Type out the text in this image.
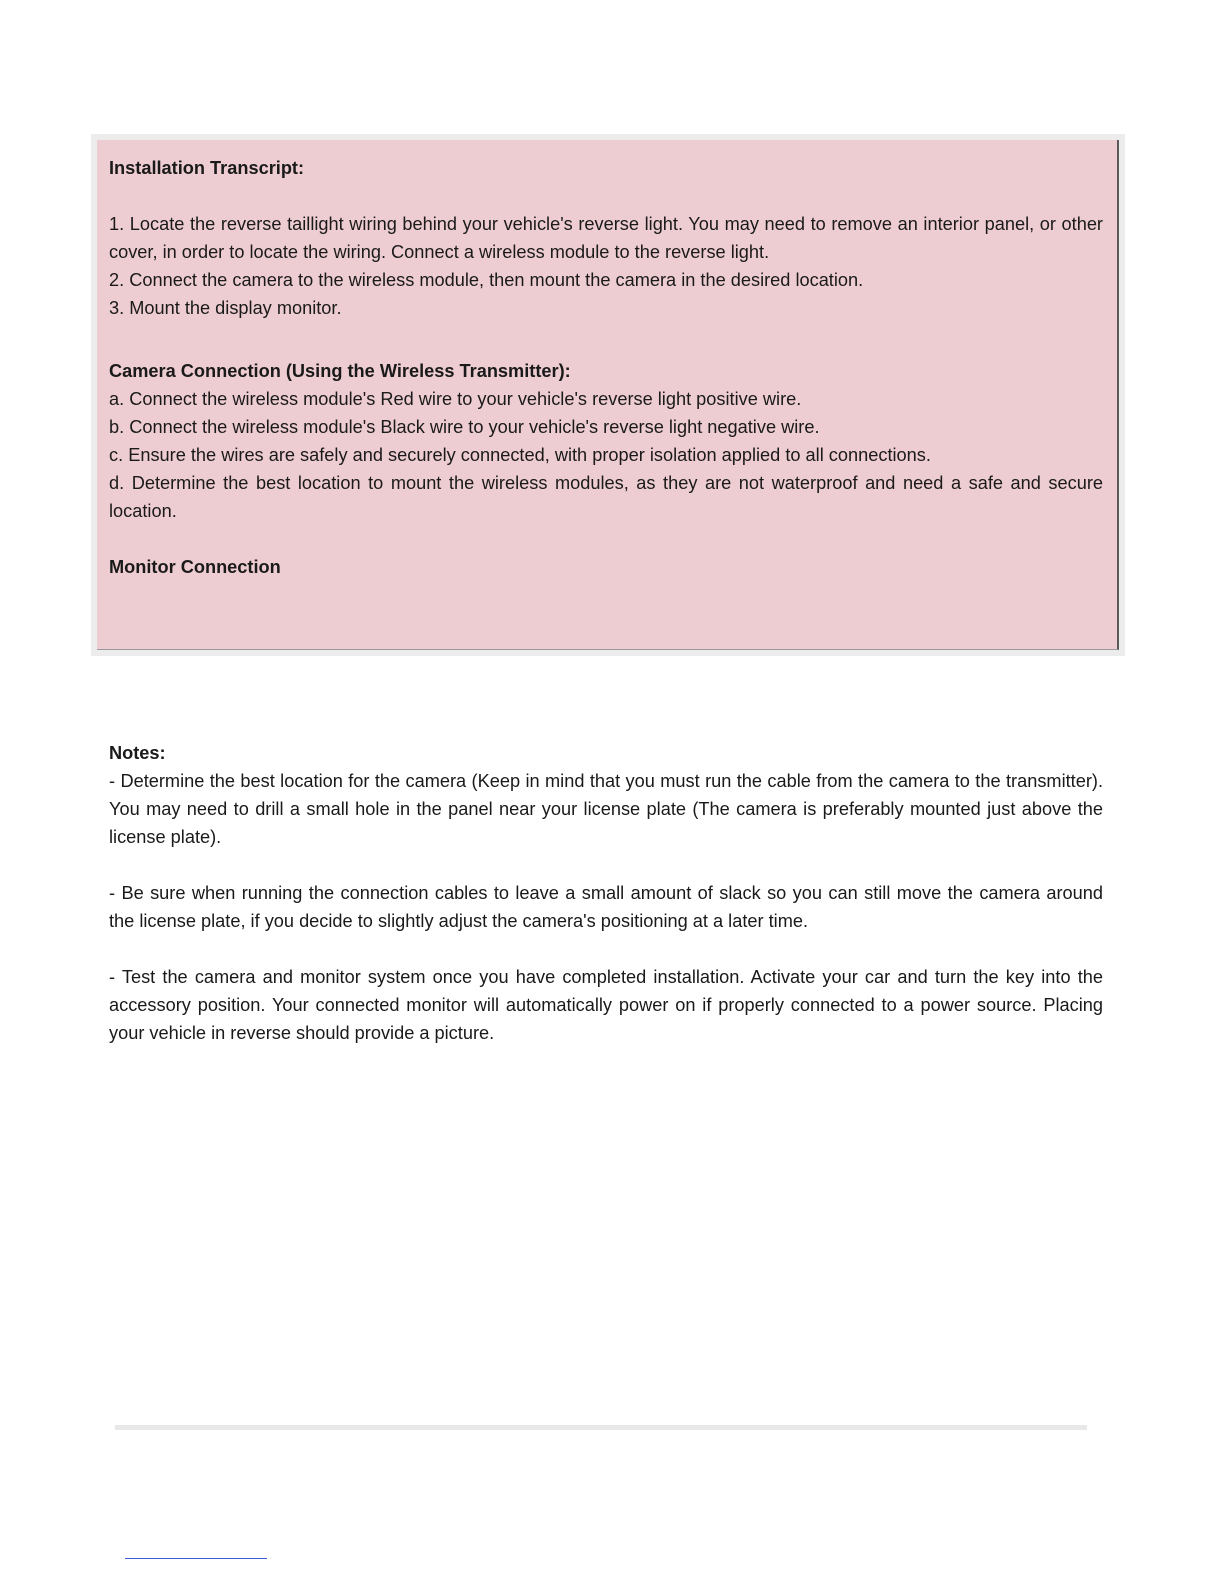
Installation Transcript:

1. Locate the reverse taillight wiring behind your vehicle's reverse light. You may need to remove an interior panel, or other cover, in order to locate the wiring. Connect a wireless module to the reverse light.

2. Connect the camera to the wireless module, then mount the camera in the desired location.

3. Mount the display monitor.

Camera Connection (Using the Wireless Transmitter):

a. Connect the wireless module's Red wire to your vehicle's reverse light positive wire.

b. Connect the wireless module's Black wire to your vehicle's reverse light negative wire.

c. Ensure the wires are safely and securely connected, with proper isolation applied to all connections.

d. Determine the best location to mount the wireless modules, as they are not waterproof and need a safe and secure location.

Monitor Connection

Notes:

- Determine the best location for the camera (Keep in mind that you must run the cable from the camera to the transmitter). You may need to drill a small hole in the panel near your license plate (The camera is preferably mounted just above the license plate).

- Be sure when running the connection cables to leave a small amount of slack so you can still move the camera around the license plate, if you decide to slightly adjust the camera's positioning at a later time.

- Test the camera and monitor system once you have completed installation. Activate your car and turn the key into the accessory position. Your connected monitor will automatically power on if properly connected to a power source. Placing your vehicle in reverse should provide a picture.
